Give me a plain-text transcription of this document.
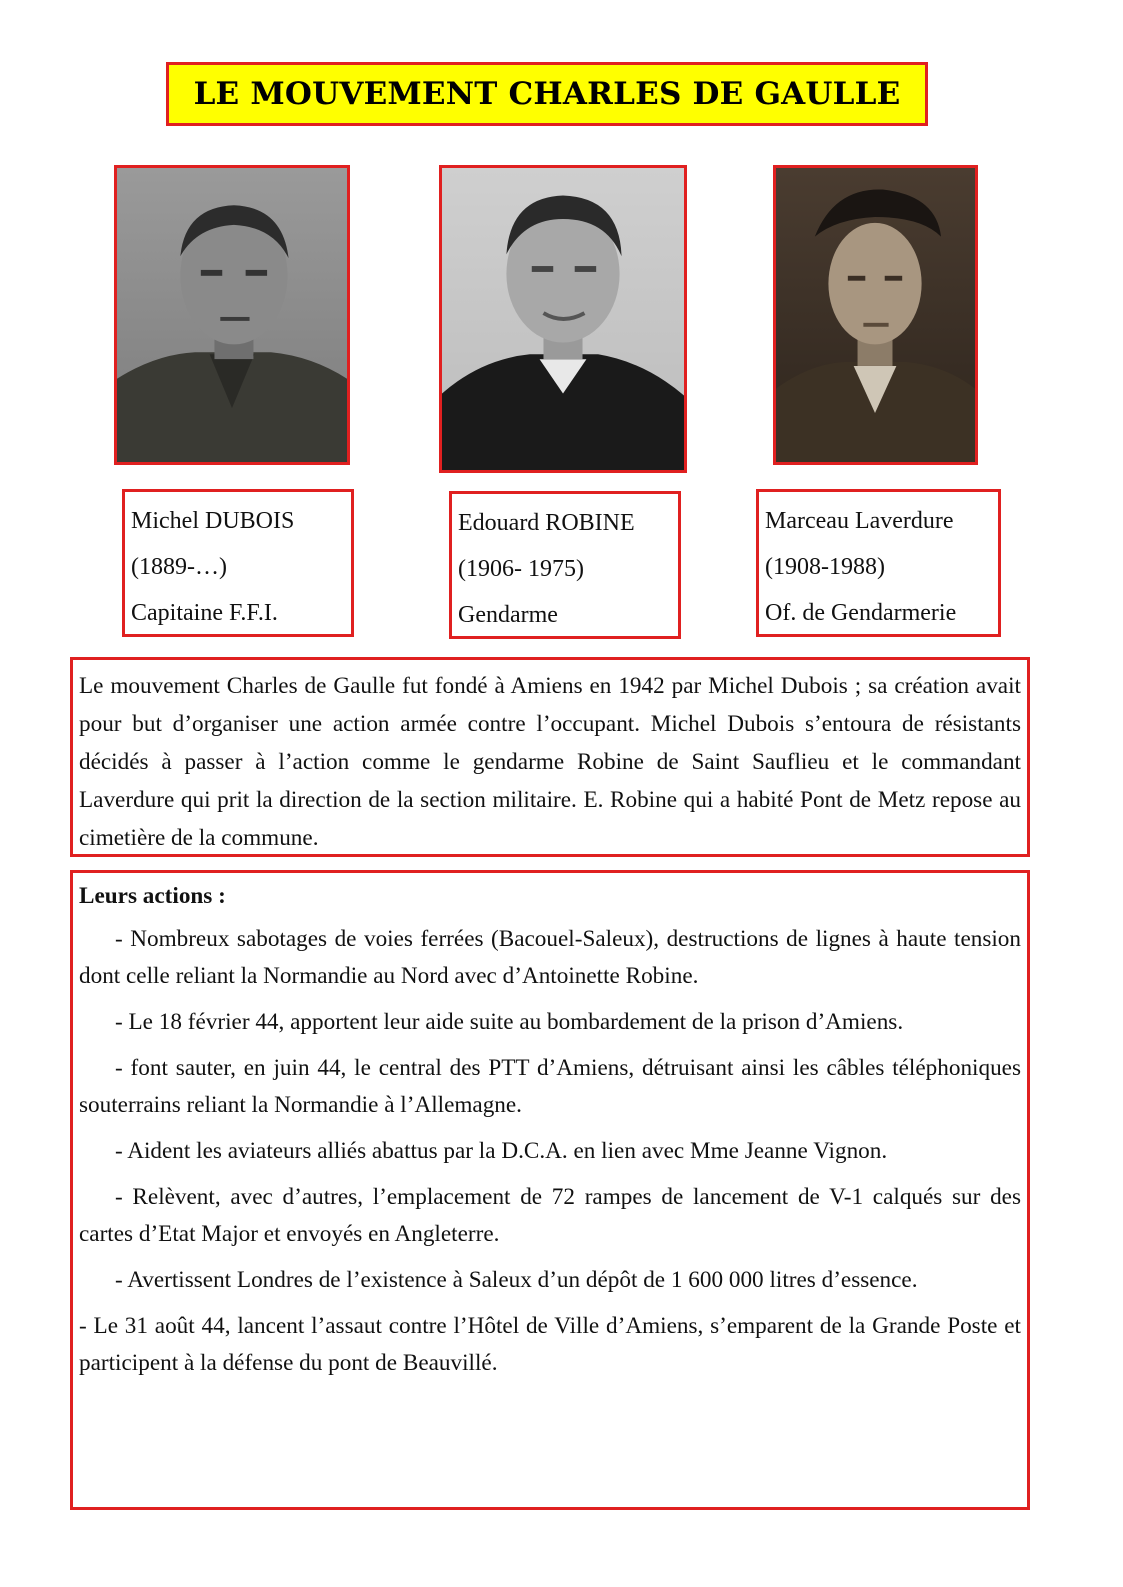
LE MOUVEMENT CHARLES DE GAULLE
Michel DUBOIS
(1889-…)
Capitaine F.F.I.
Edouard ROBINE
(1906- 1975)
Gendarme
Marceau Laverdure
(1908-1988)
Of. de Gendarmerie
Le mouvement Charles de Gaulle fut fondé à Amiens en 1942 par Michel Dubois ; sa création avait pour but d’organiser une action armée contre l’occupant. Michel Dubois s’entoura de résistants décidés à passer à l’action comme le gendarme Robine de Saint Sauflieu et le commandant Laverdure qui prit la direction de la section militaire. E. Robine qui a habité Pont de Metz repose au cimetière de la commune.
Leurs actions :

- Nombreux sabotages de voies ferrées (Bacouel-Saleux), destructions de lignes à haute tension dont celle reliant la Normandie au Nord avec d’Antoinette Robine.

- Le 18 février 44, apportent leur aide suite au bombardement de la prison d’Amiens.

- font sauter, en juin 44, le central des PTT d’Amiens, détruisant ainsi les câbles téléphoniques souterrains reliant la Normandie à l’Allemagne.

- Aident les aviateurs alliés abattus par la D.C.A. en lien avec Mme Jeanne Vignon.

- Relèvent, avec d’autres, l’emplacement de 72 rampes de lancement de V-1 calqués sur des cartes d’Etat Major et envoyés en Angleterre.

- Avertissent Londres de l’existence à Saleux d’un dépôt de 1 600 000 litres d’essence.

- Le 31 août 44, lancent l’assaut contre l’Hôtel de Ville d’Amiens, s’emparent de la Grande Poste et participent à la défense du pont de Beauvillé.
